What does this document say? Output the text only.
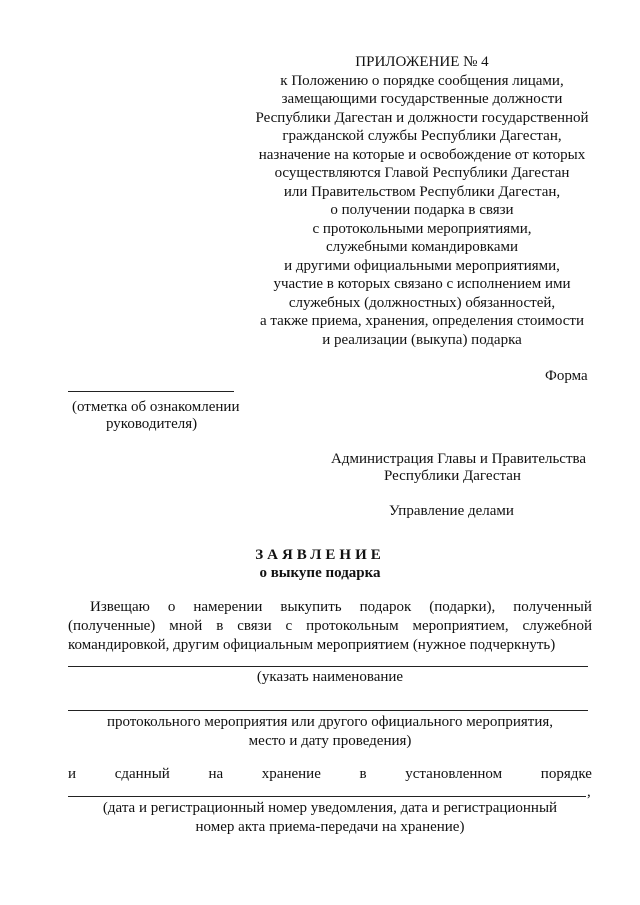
ПРИЛОЖЕНИЕ № 4
к Положению о порядке сообщения лицами,
замещающими государственные должности
Республики Дагестан и должности государственной
гражданской службы Республики Дагестан,
назначение на которые и освобождение от которых
осуществляются Главой Республики Дагестан
или Правительством Республики Дагестан,
о получении подарка в связи
с протокольными мероприятиями,
служебными командировками
и другими официальными мероприятиями,
участие в которых связано с исполнением ими
служебных (должностных) обязанностей,
а также приема, хранения, определения стоимости
и реализации (выкупа) подарка
Форма
(отметка об ознакомлении
руководителя)
Администрация Главы и Правительства
Республики Дагестан
Управление делами
ЗАЯВЛЕНИЕ
о выкупе подарка
Извещаю о намерении выкупить подарок (подарки), полученный
(полученные) мной в связи с протокольным мероприятием, служебной
командировкой, другим официальным мероприятием (нужное подчеркнуть)
(указать наименование
протокольного мероприятия или другого официального мероприятия,
место и дату проведения)
и	сданный	на	хранение	в	установленном	порядке
,
(дата и регистрационный номер уведомления, дата и регистрационный
номер акта приема-передачи на хранение)
